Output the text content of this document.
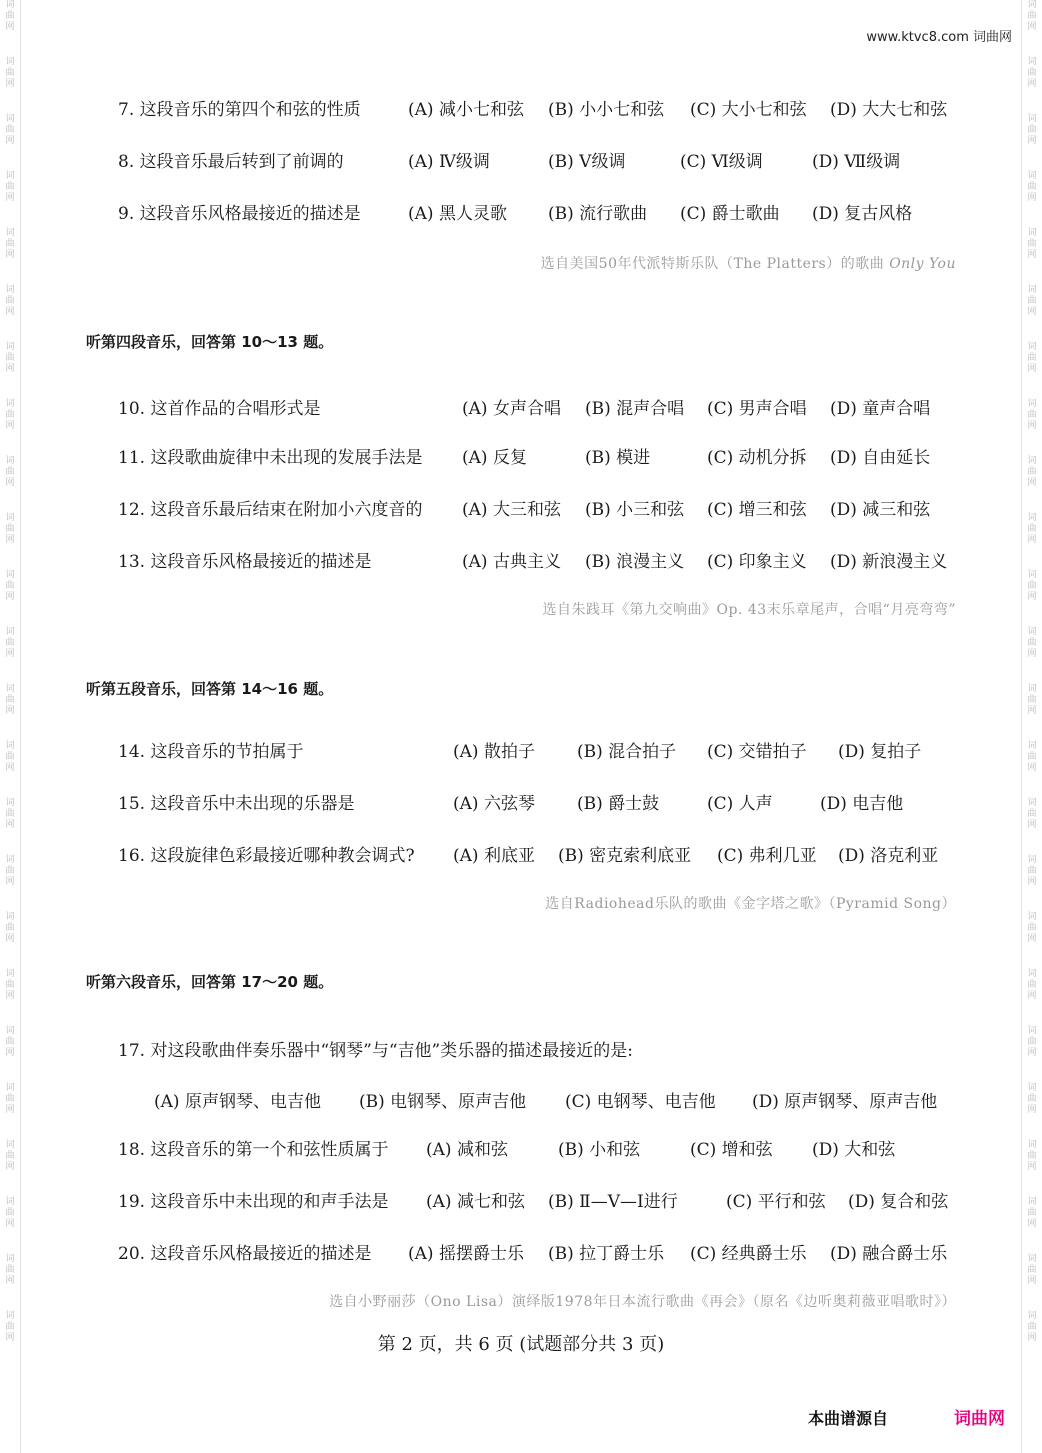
词曲网
词曲网
词曲网
词曲网
词曲网
词曲网
词曲网
词曲网
词曲网
词曲网
词曲网
词曲网
词曲网
词曲网
词曲网
词曲网
词曲网
词曲网
词曲网
词曲网
词曲网
词曲网
词曲网
词曲网
词曲网
词曲网
词曲网
词曲网
词曲网
词曲网
词曲网
词曲网
词曲网
词曲网
词曲网
词曲网
词曲网
词曲网
词曲网
词曲网
词曲网
词曲网
词曲网
词曲网
词曲网
词曲网
词曲网
词曲网
www.ktvc8.com 词曲网
7. 这段音乐的第四个和弦的性质	(A) 减小七和弦 (B) 小小七和弦 (C) 大小七和弦 (D) 大大七和弦
8. 这段音乐最后转到了前调的	(A) Ⅳ级调	(B) Ⅴ级调	(C) Ⅵ级调	(D) Ⅶ级调
9. 这段音乐风格最接近的描述是	(A) 黑人灵歌 (B) 流行歌曲 (C) 爵士歌曲 (D) 复古风格
选自美国50年代派特斯乐队（The Platters）的歌曲 Only You
听第四段音乐，回答第 10～13 题。
10. 这首作品的合唱形式是	(A) 女声合唱 (B) 混声合唱 (C) 男声合唱 (D) 童声合唱
11. 这段歌曲旋律中未出现的发展手法是 (A) 反复	(B) 模进	(C) 动机分拆 (D) 自由延长
12. 这段音乐最后结束在附加小六度音的 (A) 大三和弦 (B) 小三和弦 (C) 增三和弦 (D) 减三和弦
13. 这段音乐风格最接近的描述是	(A) 古典主义 (B) 浪漫主义 (C) 印象主义 (D) 新浪漫主义
选自朱践耳《第九交响曲》Op. 43末乐章尾声，合唱“月亮弯弯”
听第五段音乐，回答第 14～16 题。
14. 这段音乐的节拍属于	(A) 散拍子 (B) 混合拍子 (C) 交错拍子 (D) 复拍子
15. 这段音乐中未出现的乐器是	(A) 六弦琴 (B) 爵士鼓	(C) 人声	(D) 电吉他
16. 这段旋律色彩最接近哪种教会调式? (A) 利底亚 (B) 密克索利底亚 (C) 弗利几亚 (D) 洛克利亚
选自Radiohead乐队的歌曲《金字塔之歌》（Pyramid Song）
听第六段音乐，回答第 17～20 题。
17. 对这段歌曲伴奏乐器中“钢琴”与“吉他”类乐器的描述最接近的是:
(A) 原声钢琴、电吉他 (B) 电钢琴、原声吉他 (C) 电钢琴、电吉他 (D) 原声钢琴、原声吉他
18. 这段音乐的第一个和弦性质属于 (A) 减和弦	(B) 小和弦	(C) 增和弦 (D) 大和弦
19. 这段音乐中未出现的和声手法是 (A) 减七和弦 (B) Ⅱ—Ⅴ—Ⅰ进行	(C) 平行和弦 (D) 复合和弦
20. 这段音乐风格最接近的描述是 (A) 摇摆爵士乐 (B) 拉丁爵士乐 (C) 经典爵士乐 (D) 融合爵士乐
选自小野丽莎（Ono Lisa）演绎版1978年日本流行歌曲《再会》（原名《边听奥莉薇亚唱歌时》）
第 2 页，共 6 页 (试题部分共 3 页)
本曲谱源自	词曲网
